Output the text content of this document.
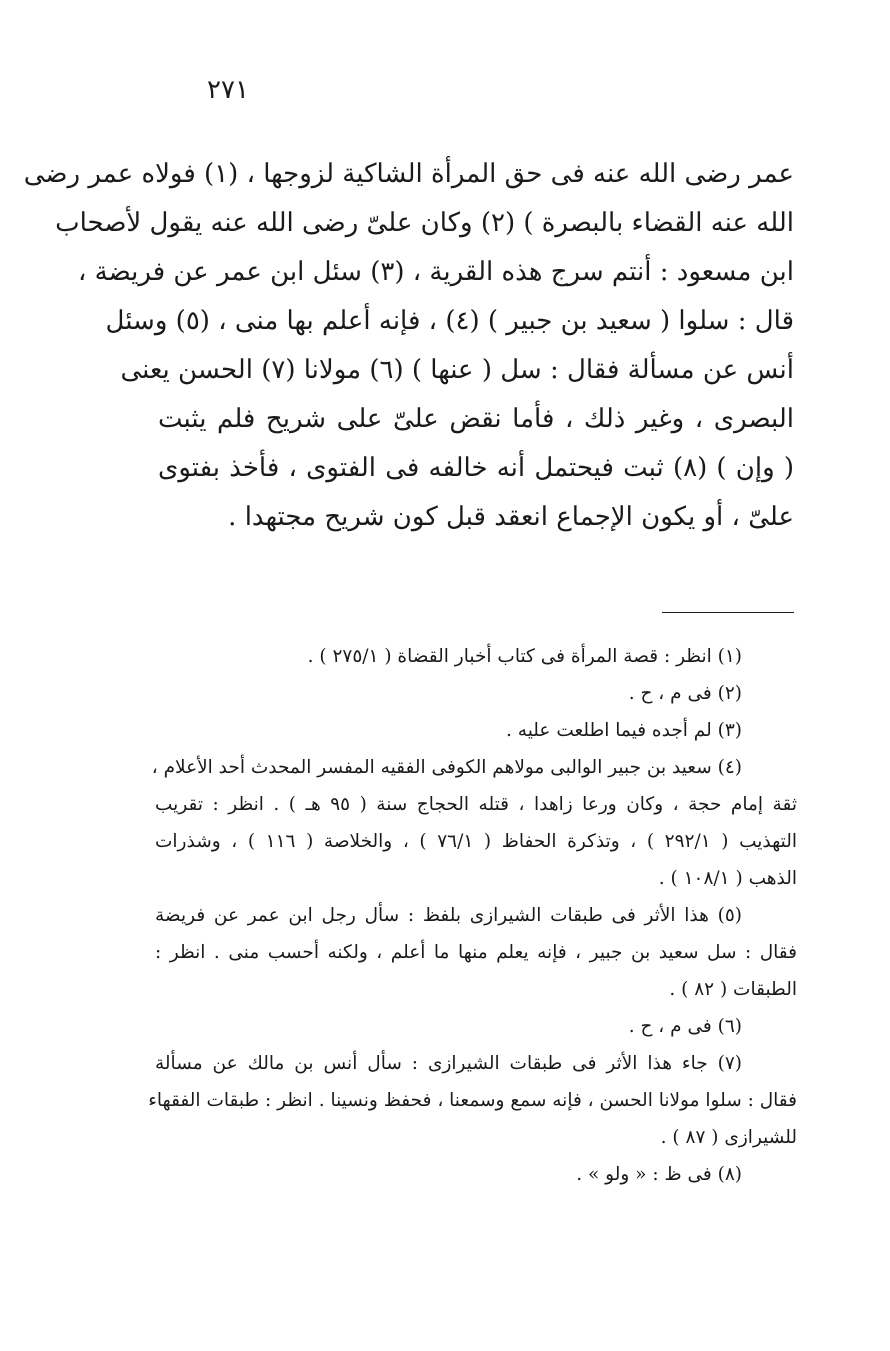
٢٧١
عمر رضى الله عنه فى حق المرأة الشاكية لزوجها ، (١) فولاه عمر رضى
الله عنه القضاء بالبصرة ) (٢) وكان علىّ رضى الله عنه يقول لأصحاب
ابن مسعود : أنتم سرج هذه القرية ، (٣) سئل ابن عمر عن فريضة ،
قال : سلوا ( سعيد بن جبير ) (٤) ، فإنه أعلم بها منى ، (٥) وسئل
أنس عن مسألة فقال : سل ( عنها ) (٦) مولانا (٧) الحسن يعنى
البصرى ، وغير ذلك ، فأما نقض علىّ على شريح فلم يثبت
( وإن ) (٨) ثبت فيحتمل أنه خالفه فى الفتوى ، فأخذ بفتوى
علىّ ، أو يكون الإجماع انعقد قبل كون شريح مجتهدا .
(١) انظر : قصة المرأة فى كتاب أخبار القضاة ( ٢٧٥/١ ) .
(٢) فى م ، ح .
(٣) لم أجده فيما اطلعت عليه .
(٤) سعيد بن جبير الوالبى مولاهم الكوفى الفقيه المفسر المحدث أحد الأعلام ،
ثقة إمام حجة ، وكان ورعا زاهدا ، قتله الحجاج سنة ( ٩٥ هـ ) . انظر : تقريب
التهذيب ( ٢٩٢/١ ) ، وتذكرة الحفاظ ( ٧٦/١ ) ، والخلاصة ( ١١٦ ) ، وشذرات
الذهب ( ١٠٨/١ ) .
(٥) هذا الأثر فى طبقات الشيرازى بلفظ : سأل رجل ابن عمر عن فريضة
فقال : سل سعيد بن جبير ، فإنه يعلم منها ما أعلم ، ولكنه أحسب منى . انظر :
الطبقات ( ٨٢ ) .
(٦) فى م ، ح .
(٧) جاء هذا الأثر فى طبقات الشيرازى : سأل أنس بن مالك عن مسألة
فقال : سلوا مولانا الحسن ، فإنه سمع وسمعنا ، فحفظ ونسينا . انظر : طبقات الفقهاء
للشيرازى ( ٨٧ ) .
(٨) فى ظ : « ولو » .
